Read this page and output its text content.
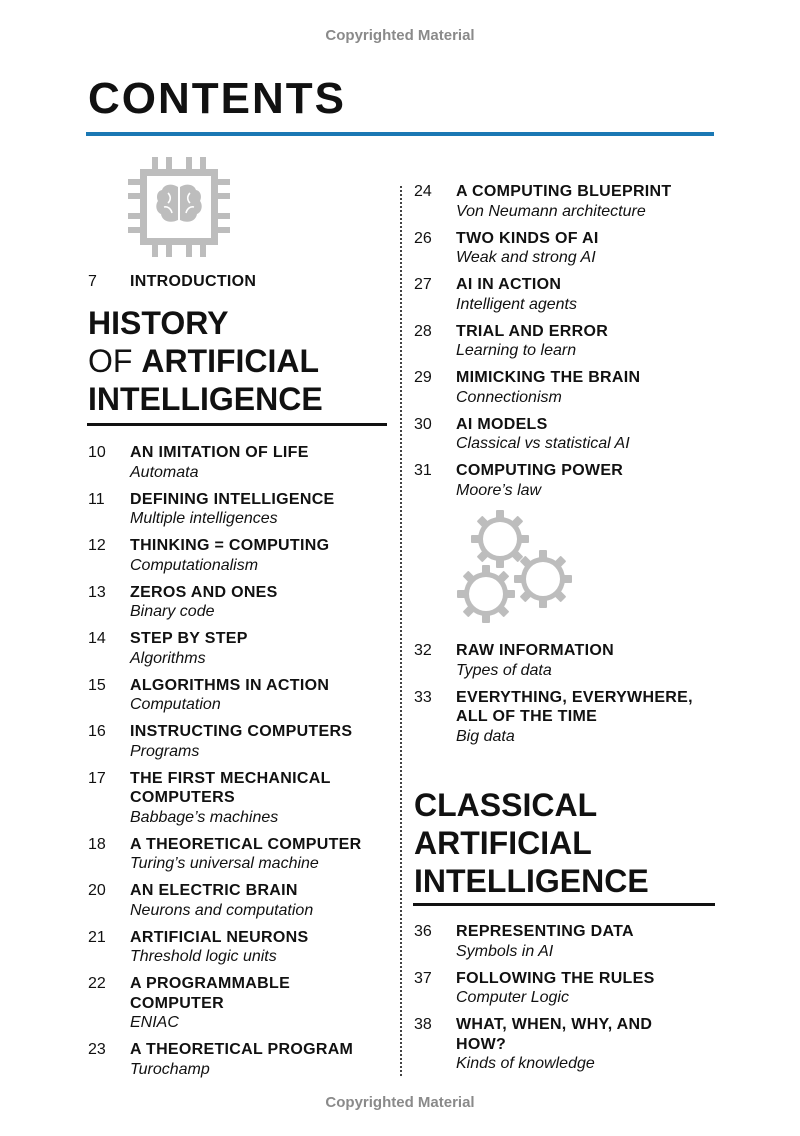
Copyrighted Material
CONTENTS
7	INTRODUCTION
HISTORY
OF ARTIFICIAL
INTELLIGENCE
10	AN IMITATION OF LIFE
Automata
11	DEFINING INTELLIGENCE
Multiple intelligences
12	THINKING = COMPUTING
Computationalism
13	ZEROS AND ONES
Binary code
14	STEP BY STEP
Algorithms
15	ALGORITHMS IN ACTION
Computation
16	INSTRUCTING COMPUTERS
Programs
17	THE FIRST MECHANICAL
COMPUTERS
Babbage’s machines
18	A THEORETICAL COMPUTER
Turing’s universal machine
20	AN ELECTRIC BRAIN
Neurons and computation
21	ARTIFICIAL NEURONS
Threshold logic units
22	A PROGRAMMABLE
COMPUTER
ENIAC
23	A THEORETICAL PROGRAM
Turochamp
24	A COMPUTING BLUEPRINT
Von Neumann architecture
26	TWO KINDS OF AI
Weak and strong AI
27	AI IN ACTION
Intelligent agents
28	TRIAL AND ERROR
Learning to learn
29	MIMICKING THE BRAIN
Connectionism
30	AI MODELS
Classical vs statistical AI
31	COMPUTING POWER
Moore’s law
32	RAW INFORMATION
Types of data
33	EVERYTHING, EVERYWHERE,
ALL OF THE TIME
Big data
CLASSICAL
ARTIFICIAL
INTELLIGENCE
36	REPRESENTING DATA
Symbols in AI
37	FOLLOWING THE RULES
Computer Logic
38	WHAT, WHEN, WHY, AND
HOW?
Kinds of knowledge
Copyrighted Material
